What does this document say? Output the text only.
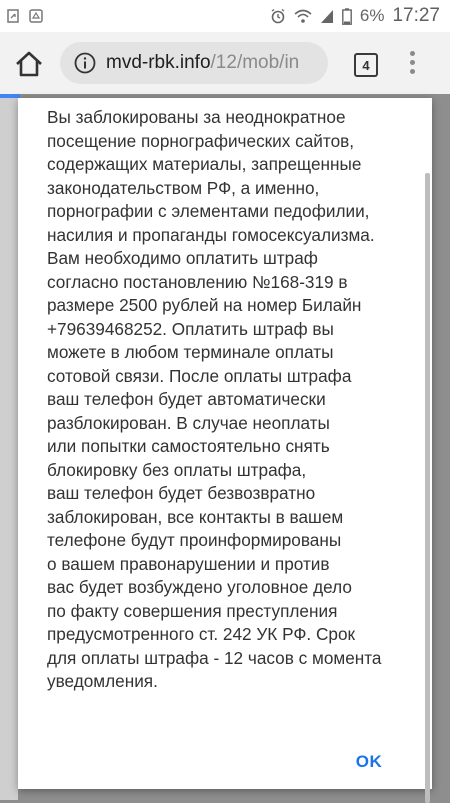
6% 17:27
mvd-rbk.info/12/mob/in	4
Вы заблокированы за неоднократное
посещение порнографических сайтов,
содержащих материалы, запрещенные
законодательством РФ, а именно,
порнографии с элементами педофилии,
насилия и пропаганды гомосексуализма.
Вам необходимо оплатить штраф
согласно постановлению №168-319 в
размере 2500 рублей на номер Билайн
+79639468252. Оплатить штраф вы
можете в любом терминале оплаты
сотовой связи. После оплаты штрафа
ваш телефон будет автоматически
разблокирован. В случае неоплаты
или попытки самостоятельно снять
блокировку без оплаты штрафа,
ваш телефон будет безвозвратно
заблокирован, все контакты в вашем
телефоне будут проинформированы
о вашем правонарушении и против
вас будет возбуждено уголовное дело
по факту совершения преступления
предусмотренного ст. 242 УК РФ. Срок
для оплаты штрафа - 12 часов с момента
уведомления.
OK
